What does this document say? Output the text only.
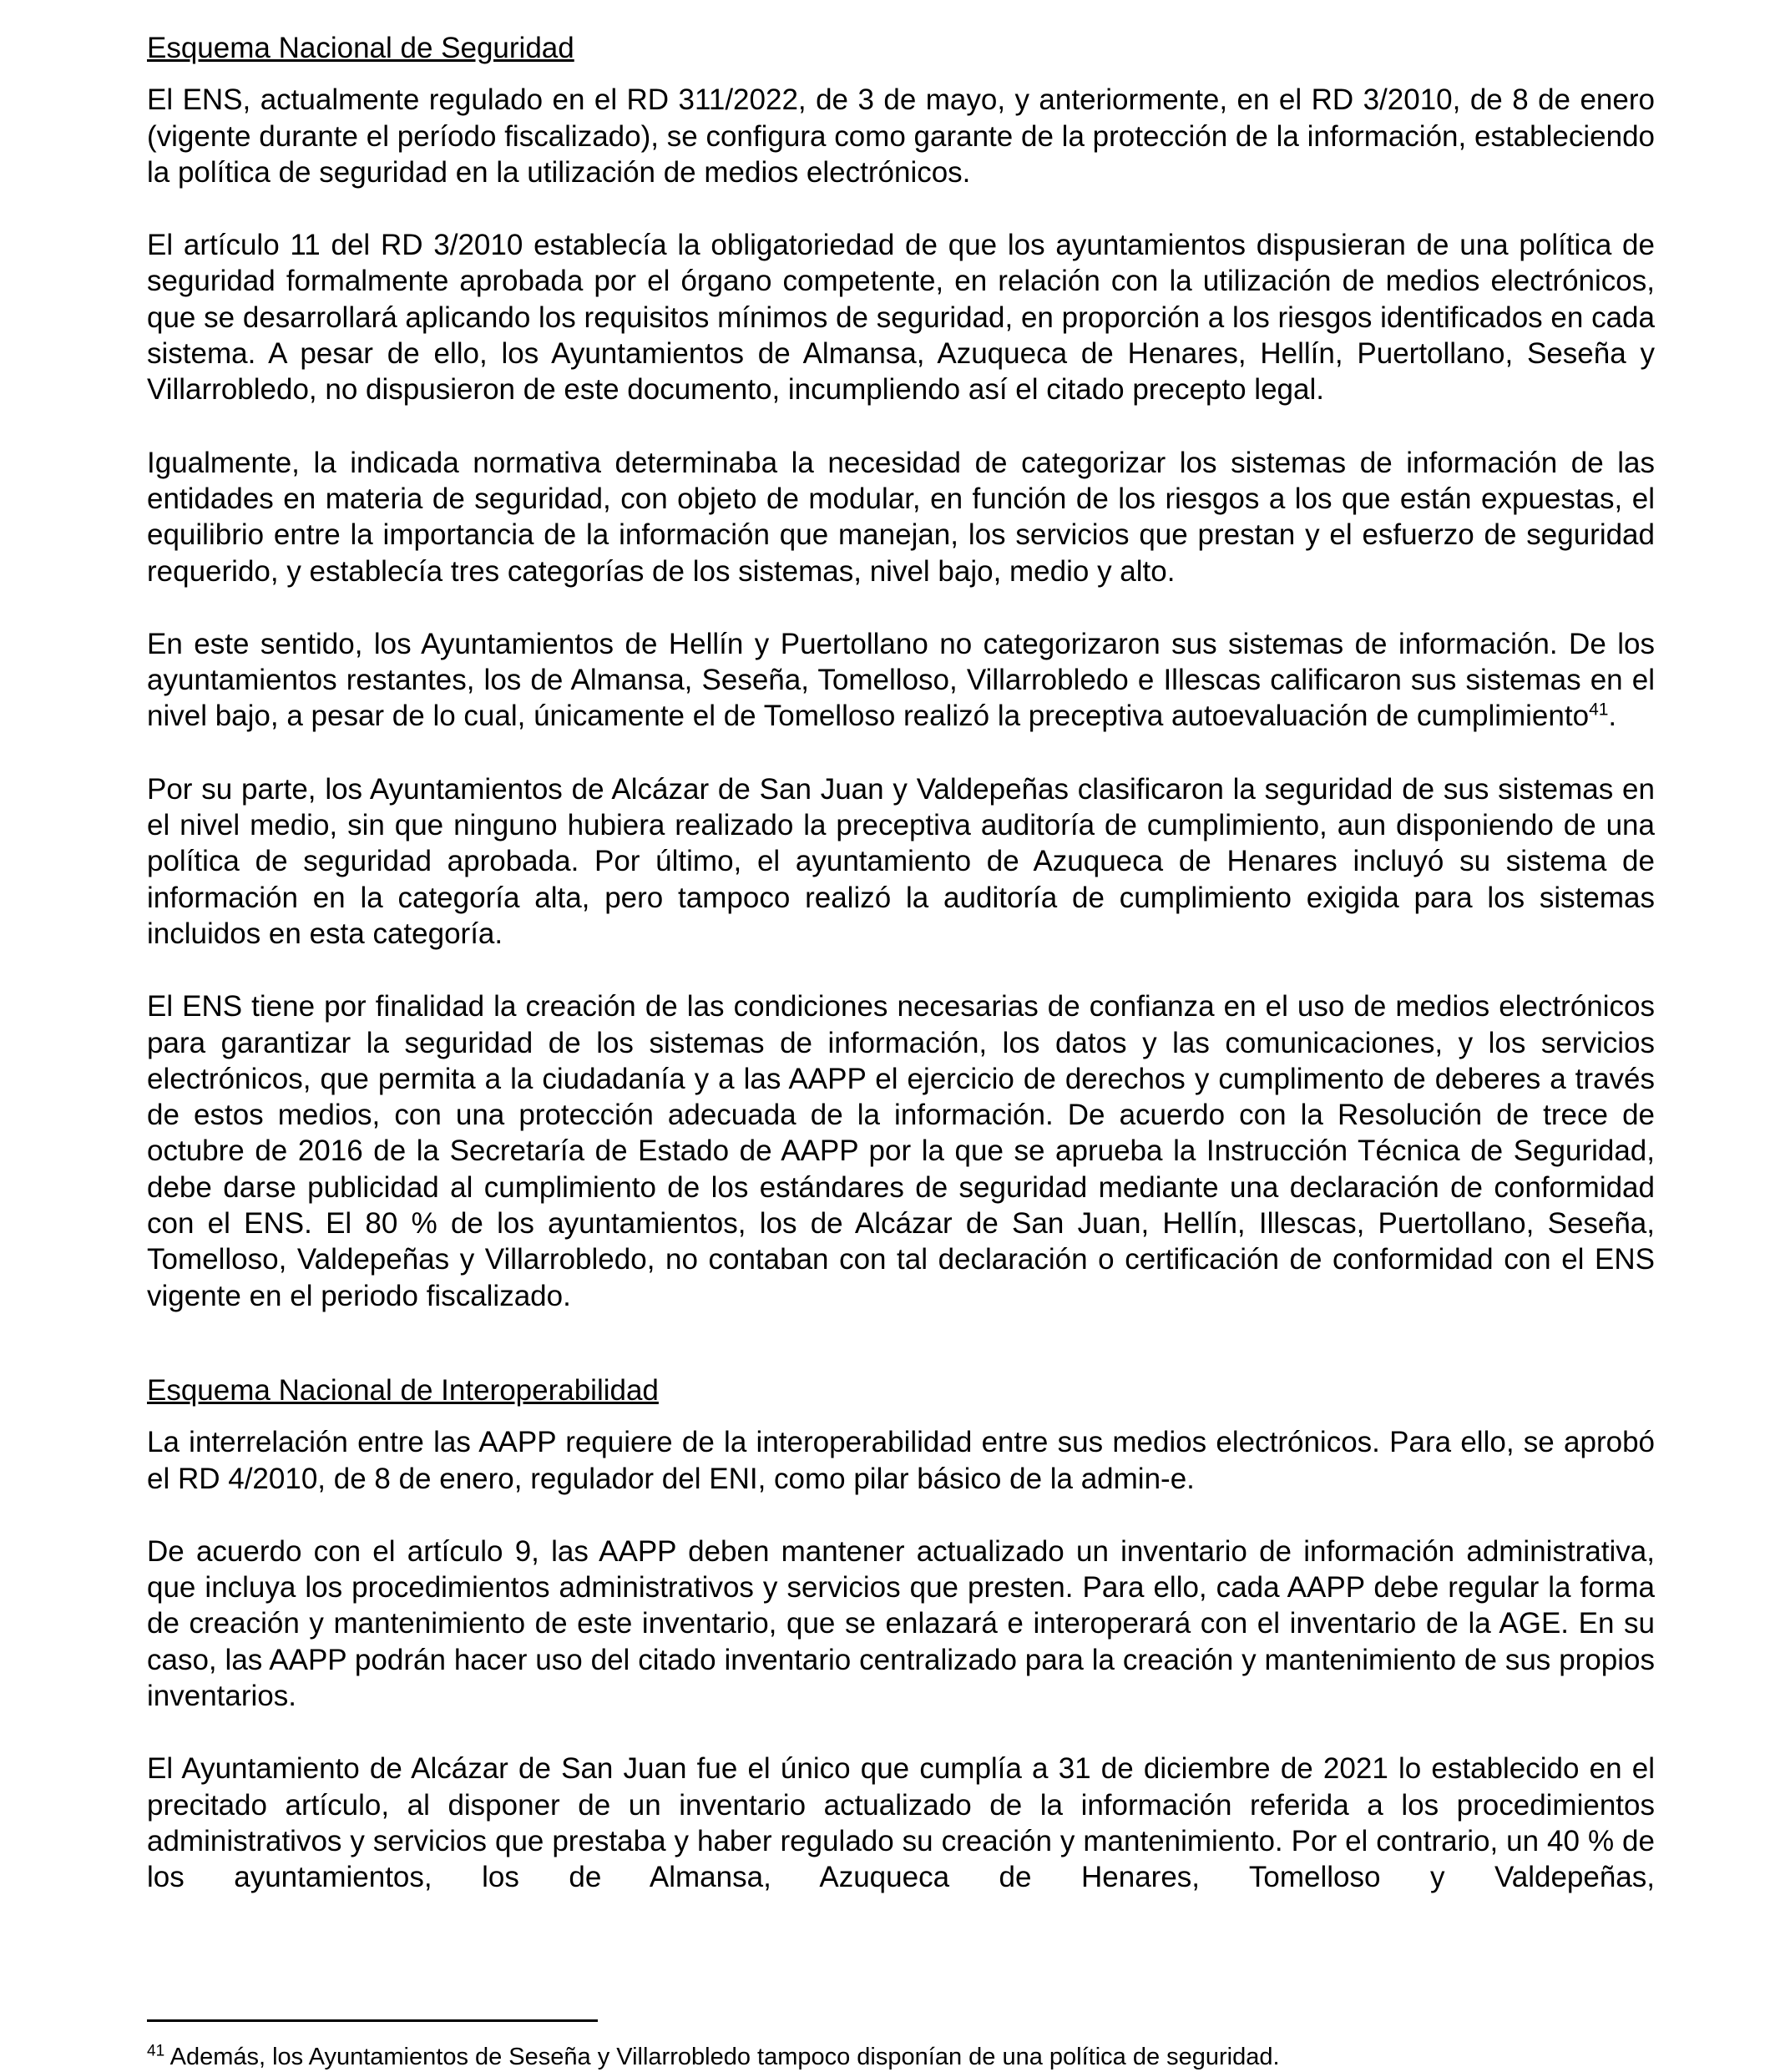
Esquema Nacional de Seguridad

El ENS, actualmente regulado en el RD 311/2022, de 3 de mayo, y anteriormente, en el RD 3/2010, de 8 de enero (vigente durante el período fiscalizado), se configura como garante de la protección de la información, estableciendo la política de seguridad en la utilización de medios electrónicos.

El artículo 11 del RD 3/2010 establecía la obligatoriedad de que los ayuntamientos dispusieran de una política de seguridad formalmente aprobada por el órgano competente, en relación con la utilización de medios electrónicos, que se desarrollará aplicando los requisitos mínimos de seguridad, en proporción a los riesgos identificados en cada sistema. A pesar de ello, los Ayuntamientos de Almansa, Azuqueca de Henares, Hellín, Puertollano, Seseña y Villarrobledo, no dispusieron de este documento, incumpliendo así el citado precepto legal.

Igualmente, la indicada normativa determinaba la necesidad de categorizar los sistemas de información de las entidades en materia de seguridad, con objeto de modular, en función de los riesgos a los que están expuestas, el equilibrio entre la importancia de la información que manejan, los servicios que prestan y el esfuerzo de seguridad requerido, y establecía tres categorías de los sistemas, nivel bajo, medio y alto.

En este sentido, los Ayuntamientos de Hellín y Puertollano no categorizaron sus sistemas de información. De los ayuntamientos restantes, los de Almansa, Seseña, Tomelloso, Villarrobledo e Illescas calificaron sus sistemas en el nivel bajo, a pesar de lo cual, únicamente el de Tomelloso realizó la preceptiva autoevaluación de cumplimiento$^{41}$.

Por su parte, los Ayuntamientos de Alcázar de San Juan y Valdepeñas clasificaron la seguridad de sus sistemas en el nivel medio, sin que ninguno hubiera realizado la preceptiva auditoría de cumplimiento, aun disponiendo de una política de seguridad aprobada. Por último, el ayuntamiento de Azuqueca de Henares incluyó su sistema de información en la categoría alta, pero tampoco realizó la auditoría de cumplimiento exigida para los sistemas incluidos en esta categoría.

El ENS tiene por finalidad la creación de las condiciones necesarias de confianza en el uso de medios electrónicos para garantizar la seguridad de los sistemas de información, los datos y las comunicaciones, y los servicios electrónicos, que permita a la ciudadanía y a las AAPP el ejercicio de derechos y cumplimento de deberes a través de estos medios, con una protección adecuada de la información. De acuerdo con la Resolución de trece de octubre de 2016 de la Secretaría de Estado de AAPP por la que se aprueba la Instrucción Técnica de Seguridad, debe darse publicidad al cumplimiento de los estándares de seguridad mediante una declaración de conformidad con el ENS. El 80 % de los ayuntamientos, los de Alcázar de San Juan, Hellín, Illescas, Puertollano, Seseña, Tomelloso, Valdepeñas y Villarrobledo, no contaban con tal declaración o certificación de conformidad con el ENS vigente en el periodo fiscalizado.

Esquema Nacional de Interoperabilidad

La interrelación entre las AAPP requiere de la interoperabilidad entre sus medios electrónicos. Para ello, se aprobó el RD 4/2010, de 8 de enero, regulador del ENI, como pilar básico de la admin-e.

De acuerdo con el artículo 9, las AAPP deben mantener actualizado un inventario de información administrativa, que incluya los procedimientos administrativos y servicios que presten. Para ello, cada AAPP debe regular la forma de creación y mantenimiento de este inventario, que se enlazará e interoperará con el inventario de la AGE. En su caso, las AAPP podrán hacer uso del citado inventario centralizado para la creación y mantenimiento de sus propios inventarios.

El Ayuntamiento de Alcázar de San Juan fue el único que cumplía a 31 de diciembre de 2021 lo establecido en el precitado artículo, al disponer de un inventario actualizado de la información referida a los procedimientos administrativos y servicios que prestaba y haber regulado su creación y mantenimiento. Por el contrario, un 40 % de los ayuntamientos, los de Almansa, Azuqueca de Henares, Tomelloso y Valdepeñas,

$^{41}$ Además, los Ayuntamientos de Seseña y Villarrobledo tampoco disponían de una política de seguridad.
